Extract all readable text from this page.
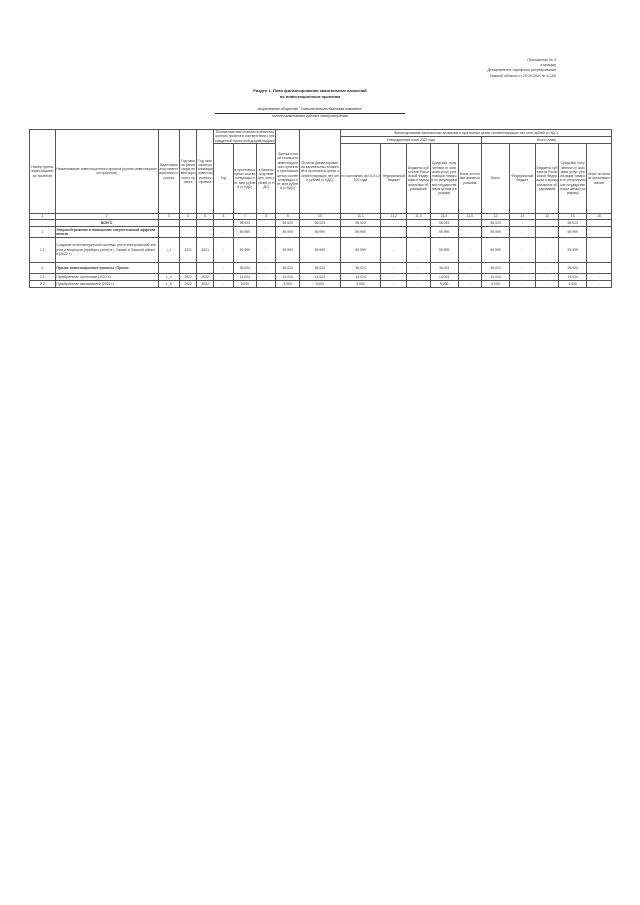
Приложение № 3
к приказу
Департамента тарифного регулирования
Томской области от 29.10.2021 № 6-165
Раздел 1. План финансирования капитальных вложений
по инвестиционным проектам
Акционерное общество "Томская энергосбытовая компания"
полное наименование субъекта электроэнергетики
Номер группы инвестиционных проектов	Наименование инвестиционного проекта (группы инвестиционных проектов)	Идентификатор инвестиционного проекта	Год начала реализации инвестиционного проекта	Год окончания реализации инвестиционного проекта	Полная сметная стоимость инвестиционного проекта в соответствии с утвержденной проектной документацией			Оценка полной стоимости инвестиционного проекта в прогнозных ценах соответствующих лет, млн рублей (с НДС)	Остаток финансирования капитальных вложений в прогнозных ценах соответствующих лет, млн рублей (с НДС)	Финансирование капитальных вложений в прогнозных ценах соответствующих лет, млн рублей (с НДС)									
										Утвержденный план 2022 года					Итого (план)				
					Год	в прогнозных ценах соответствующих лет, млн рублей (с НДС)	в базисном уровне цен, млн рублей (с НДС)			по состоянию на 01.01.2022 года	Федеральный бюджет	Бюджеты субъектов Российской Федерации и муниципальных образований	Средства, полученные от оказания услуг, реализации товаров по регулируемым государственным ценам (тарифам)	Иные источники финансирования	Всего	Федеральный бюджет	Бюджеты субъектов Российской Федерации и муниципальных образований	Средства, полученные от оказания услуг, реализации товаров по регулируемым государственным ценам (тарифам)	Иные источники финансирования

1	2	3	4	5	6	7	8	9	10	11.1	11.2	11.3	11.4	11.5	12	13	14	15	16
	ВСЕГО				-	96,023	-	96,023	96,023	96,023	-	-	96,023	-	96,023	-	-	96,023	
1	Энергосбережение и повышение энергетической эффективности				-	59,999	-	59,999	59,999	59,999	-	-	59,999	-	59,999	-	-	59,999	
1.1	Создание интеллектуальной системы учета электрической энергии и мощности (приборы учета) в г. Томске и Томской области (2022 г.)	I_1	2021	2021	-	59,999	-	59,999	59,999	59,999	-	-	59,999	-	59,999	-	-	59,999	
2	Прочие инвестиционные проекты / Прочее				-	36,024	-	36,024	36,024	36,024	-	-	36,024	-	36,024	-	-	36,024	
2.1	Приобретение оргтехники (2022 г.)	L_4	2022	2022	-	14,024	-	14,024	14,024	14,024	-	-	14,024	-	14,024	-	-	14,024	-
2.2	Приобретение автомобилей (2022 г.)	L_5	2022	2022	-	9,000	-	9,000	9,000	9,000	-	-	9,000	-	9,000	-	-	9,000	-
